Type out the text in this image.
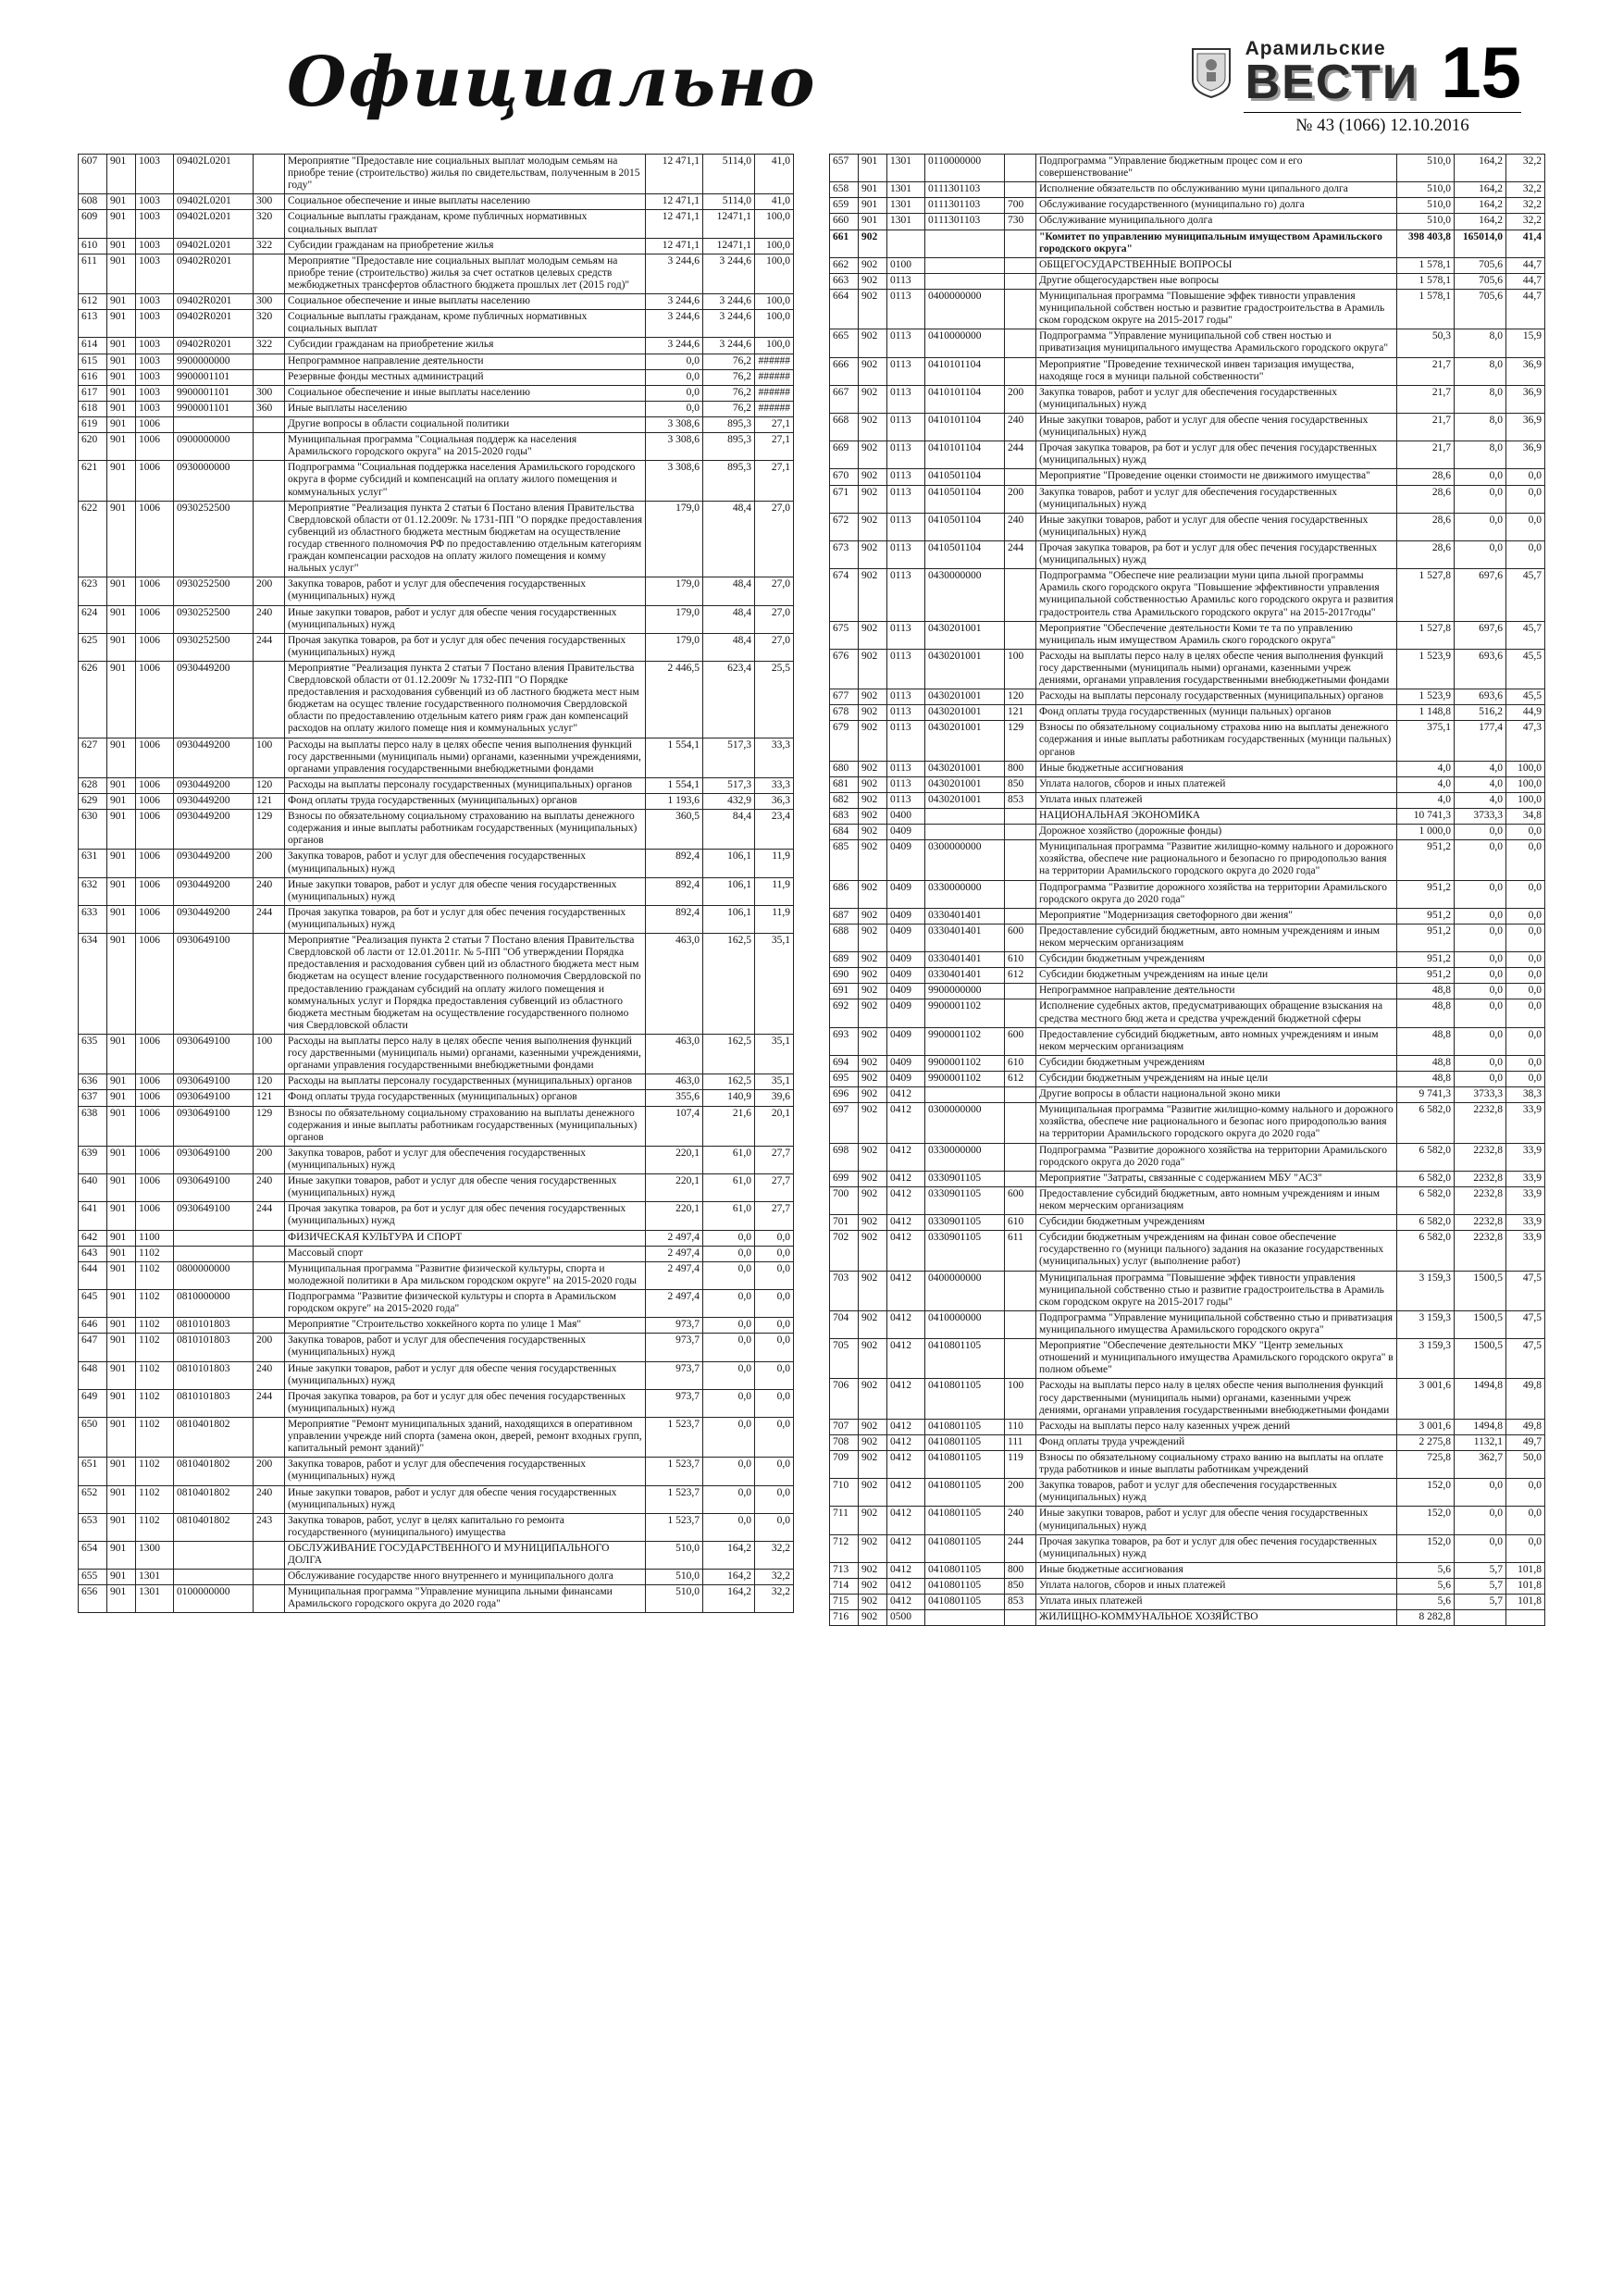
Официально	Арамильские
ВЕСТИ 15
№ 43 (1066) 12.10.2016
607	901	1003	09402L0201		Мероприятие "Предоставле ние социальных выплат молодым семьям на приобре тение (строительство) жилья по свидетельствам, полученным в 2015 году"	12 471,1	5114,0	41,0
608	901	1003	09402L0201	300	Социальное обеспечение и иные выплаты населению	12 471,1	5114,0	41,0
609	901	1003	09402L0201	320	Социальные выплаты гражданам, кроме публичных нормативных социальных выплат	12 471,1	12471,1	100,0
610	901	1003	09402L0201	322	Субсидии гражданам на приобретение жилья	12 471,1	12471,1	100,0
611	901	1003	09402R0201		Мероприятие "Предоставле ние социальных выплат молодым семьям на приобре тение (строительство) жилья за счет остатков целевых средств межбюджетных трансфертов областного бюджета прошлых лет (2015 год)"	3 244,6	3 244,6	100,0
612	901	1003	09402R0201	300	Социальное обеспечение и иные выплаты населению	3 244,6	3 244,6	100,0
613	901	1003	09402R0201	320	Социальные выплаты гражданам, кроме публичных нормативных социальных выплат	3 244,6	3 244,6	100,0
614	901	1003	09402R0201	322	Субсидии гражданам на приобретение жилья	3 244,6	3 244,6	100,0
615	901	1003	9900000000		Непрограммное направление деятельности	0,0	76,2	######
616	901	1003	9900001101		Резервные фонды местных администраций	0,0	76,2	######
617	901	1003	9900001101	300	Социальное обеспечение и иные выплаты населению	0,0	76,2	######
618	901	1003	9900001101	360	Иные выплаты населению	0,0	76,2	######
619	901	1006			Другие вопросы в области социальной политики	3 308,6	895,3	27,1
620	901	1006	0900000000		Муниципальная программа "Социальная поддерж ка населения Арамильского городского округа" на 2015-2020 годы"	3 308,6	895,3	27,1
621	901	1006	0930000000		Подпрограмма "Социальная поддержка населения Арамильского городского округа в форме субсидий и компенсаций на оплату жилого помещения и коммунальных услуг"	3 308,6	895,3	27,1
622	901	1006	0930252500		Мероприятие "Реализация пункта 2 статьи 6 Постано вления Правительства Свердловской области от 01.12.2009г. № 1731-ПП "О порядке предоставления субвенций из областного бюджета местным бюджетам на осуществление государ ственного полномочия РФ по предоставлению отдельным категориям граждан компенсации расходов на оплату жилого помещения и комму нальных услуг"	179,0	48,4	27,0
623	901	1006	0930252500	200	Закупка товаров, работ и услуг для обеспечения государственных (муниципальных) нужд	179,0	48,4	27,0
624	901	1006	0930252500	240	Иные закупки товаров, работ и услуг для обеспе чения государственных (муниципальных) нужд	179,0	48,4	27,0
625	901	1006	0930252500	244	Прочая закупка товаров, ра бот и услуг для обес печения государственных (муниципальных) нужд	179,0	48,4	27,0
626	901	1006	0930449200		Мероприятие "Реализация пункта 2 статьи 7 Постано вления Правительства Свердловской области от 01.12.2009г № 1732-ПП "О Порядке предоставления и расходования субвенций из об ластного бюджета мест ным бюджетам на осущес твление государственного полномочия Свердловской области по предоставлению отдельным катего риям граж дан компенсаций расходов на оплату жилого помеще ния и коммунальных услуг"	2 446,5	623,4	25,5
627	901	1006	0930449200	100	Расходы на выплаты персо налу в целях обеспе чения выполнения функций госу дарственными (муниципаль ными) органами, казенными учреждениями, органами управления государственными внебюджетными фондами	1 554,1	517,3	33,3
628	901	1006	0930449200	120	Расходы на выплаты персоналу государственных (муниципальных) органов	1 554,1	517,3	33,3
629	901	1006	0930449200	121	Фонд оплаты труда государственных (муниципальных) органов	1 193,6	432,9	36,3
630	901	1006	0930449200	129	Взносы по обязательному социальному страхованию на выплаты денежного содержания и иные выплаты работникам государственных (муниципальных) органов	360,5	84,4	23,4
631	901	1006	0930449200	200	Закупка товаров, работ и услуг для обеспечения государственных (муниципальных) нужд	892,4	106,1	11,9
632	901	1006	0930449200	240	Иные закупки товаров, работ и услуг для обеспе чения государственных (муниципальных) нужд	892,4	106,1	11,9
633	901	1006	0930449200	244	Прочая закупка товаров, ра бот и услуг для обес печения государственных (муниципальных) нужд	892,4	106,1	11,9
634	901	1006	0930649100		Мероприятие "Реализация пункта 2 статьи 7 Постано вления Правительства Свердловской об ласти от 12.01.2011г. № 5-ПП "Об утверждении Порядка предоставления и расходования субвен ций из областного бюджета мест ным бюджетам на осущест вление государственного полномочия Свердловской по предоставлению гражданам субсидий на оплату жилого помещения и коммунальных услуг и Порядка предоставления субвенций из областного бюджета местным бюджетам на осуществление государственного полномо чия Свердловской области	463,0	162,5	35,1
635	901	1006	0930649100	100	Расходы на выплаты персо налу в целях обеспе чения выполнения функций госу дарственными (муниципаль ными) органами, казенными учреждениями, органами управления государственными внебюджетными фондами	463,0	162,5	35,1
636	901	1006	0930649100	120	Расходы на выплаты персоналу государственных (муниципальных) органов	463,0	162,5	35,1
637	901	1006	0930649100	121	Фонд оплаты труда государственных (муниципальных) органов	355,6	140,9	39,6
638	901	1006	0930649100	129	Взносы по обязательному социальному страхованию на выплаты денежного содержания и иные выплаты работникам государственных (муниципальных) органов	107,4	21,6	20,1
639	901	1006	0930649100	200	Закупка товаров, работ и услуг для обеспечения государственных (муниципальных) нужд	220,1	61,0	27,7
640	901	1006	0930649100	240	Иные закупки товаров, работ и услуг для обеспе чения государственных (муниципальных) нужд	220,1	61,0	27,7
641	901	1006	0930649100	244	Прочая закупка товаров, ра бот и услуг для обес печения государственных (муниципальных) нужд	220,1	61,0	27,7
642	901	1100			ФИЗИЧЕСКАЯ КУЛЬТУРА И СПОРТ	2 497,4	0,0	0,0
643	901	1102			Массовый спорт	2 497,4	0,0	0,0
644	901	1102	0800000000		Муниципальная программа "Развитие физической культуры, спорта и молодежной политики в Ара мильском городском округе" на 2015-2020 годы	2 497,4	0,0	0,0
645	901	1102	0810000000		Подпрограмма "Развитие физической культуры и спорта в Арамильском городском округе" на 2015-2020 года"	2 497,4	0,0	0,0
646	901	1102	0810101803		Мероприятие "Строительство хоккейного корта по улице 1 Мая"	973,7	0,0	0,0
647	901	1102	0810101803	200	Закупка товаров, работ и услуг для обеспечения государственных (муниципальных) нужд	973,7	0,0	0,0
648	901	1102	0810101803	240	Иные закупки товаров, работ и услуг для обеспе чения государственных (муниципальных) нужд	973,7	0,0	0,0
649	901	1102	0810101803	244	Прочая закупка товаров, ра бот и услуг для обес печения государственных (муниципальных) нужд	973,7	0,0	0,0
650	901	1102	0810401802		Мероприятие "Ремонт муниципальных зданий, находящихся в оперативном управлении учрежде ний спорта (замена окон, дверей, ремонт входных групп, капитальный ремонт зданий)"	1 523,7	0,0	0,0
651	901	1102	0810401802	200	Закупка товаров, работ и услуг для обеспечения государственных (муниципальных) нужд	1 523,7	0,0	0,0
652	901	1102	0810401802	240	Иные закупки товаров, работ и услуг для обеспе чения государственных (муниципальных) нужд	1 523,7	0,0	0,0
653	901	1102	0810401802	243	Закупка товаров, работ, услуг в целях капитально го ремонта государственного (муниципального) имущества	1 523,7	0,0	0,0
654	901	1300			ОБСЛУЖИВАНИЕ ГОСУДАРСТВЕННОГО И МУНИЦИПАЛЬНОГО ДОЛГА	510,0	164,2	32,2
655	901	1301			Обслуживание государстве нного внутреннего и муниципального долга	510,0	164,2	32,2
656	901	1301	0100000000		Муниципальная программа "Управление муниципа льными финансами Арамильского городского округа до 2020 года"	510,0	164,2	32,2
657	901	1301	0110000000		Подпрограмма "Управление бюджетным процес сом и его совершенствование"	510,0	164,2	32,2
658	901	1301	0111301103		Исполнение обязательств по обслуживанию муни ципального долга	510,0	164,2	32,2
659	901	1301	0111301103	700	Обслуживание государственного (муниципально го) долга	510,0	164,2	32,2
660	901	1301	0111301103	730	Обслуживание муниципального долга	510,0	164,2	32,2
661	902				"Комитет по управлению муниципальным имуществом Арамильского городского округа"	398 403,8	165014,0	41,4
662	902	0100			ОБЩЕГОСУДАРСТВЕННЫЕ ВОПРОСЫ	1 578,1	705,6	44,7
663	902	0113			Другие общегосударствен ные вопросы	1 578,1	705,6	44,7
664	902	0113	0400000000		Муниципальная программа "Повышение эффек тивности управления муниципальной собствен ностью и развитие градостроительства в Арамиль ском городском округе на 2015-2017 годы"	1 578,1	705,6	44,7
665	902	0113	0410000000		Подпрограмма "Управление муниципальной соб ствен ностью и приватизация муниципального имущества Арамильского городского округа"	50,3	8,0	15,9
666	902	0113	0410101104		Мероприятие "Проведение технической инвен таризация имущества, находяще гося в муници пальной собственности"	21,7	8,0	36,9
667	902	0113	0410101104	200	Закупка товаров, работ и услуг для обеспечения государственных (муниципальных) нужд	21,7	8,0	36,9
668	902	0113	0410101104	240	Иные закупки товаров, работ и услуг для обеспе чения государственных (муниципальных) нужд	21,7	8,0	36,9
669	902	0113	0410101104	244	Прочая закупка товаров, ра бот и услуг для обес печения государственных (муниципальных) нужд	21,7	8,0	36,9
670	902	0113	0410501104		Мероприятие "Проведение оценки стоимости не движимого имущества"	28,6	0,0	0,0
671	902	0113	0410501104	200	Закупка товаров, работ и услуг для обеспечения государственных (муниципальных) нужд	28,6	0,0	0,0
672	902	0113	0410501104	240	Иные закупки товаров, работ и услуг для обеспе чения государственных (муниципальных) нужд	28,6	0,0	0,0
673	902	0113	0410501104	244	Прочая закупка товаров, ра бот и услуг для обес печения государственных (муниципальных) нужд	28,6	0,0	0,0
674	902	0113	0430000000		Подпрограмма "Обеспече ние реализации муни ципа льной программы Арамиль ского городского округа "Повышение эффективности управления муниципальной собственностью Арамильс кого городского округа и развития градостроитель ства Арамильского городского округа" на 2015-2017годы"	1 527,8	697,6	45,7
675	902	0113	0430201001		Мероприятие "Обеспечение деятельности Коми те та по управлению муниципаль ным имуществом Арамиль ского городского округа"	1 527,8	697,6	45,7
676	902	0113	0430201001	100	Расходы на выплаты персо налу в целях обеспе чения выполнения функций госу дарственными (муниципаль ными) органами, казенными учреж дениями, органами управления государственными внебюджетными фондами	1 523,9	693,6	45,5
677	902	0113	0430201001	120	Расходы на выплаты персоналу государственных (муниципальных) органов	1 523,9	693,6	45,5
678	902	0113	0430201001	121	Фонд оплаты труда государственных (муници пальных) органов	1 148,8	516,2	44,9
679	902	0113	0430201001	129	Взносы по обязательному социальному страхова нию на выплаты денежного содержания и иные выплаты работникам государственных (муници пальных) органов	375,1	177,4	47,3
680	902	0113	0430201001	800	Иные бюджетные ассигнования	4,0	4,0	100,0
681	902	0113	0430201001	850	Уплата налогов, сборов и иных платежей	4,0	4,0	100,0
682	902	0113	0430201001	853	Уплата иных платежей	4,0	4,0	100,0
683	902	0400			НАЦИОНАЛЬНАЯ ЭКОНОМИКА	10 741,3	3733,3	34,8
684	902	0409			Дорожное хозяйство (дорожные фонды)	1 000,0	0,0	0,0
685	902	0409	0300000000		Муниципальная программа "Развитие жилищно-комму нального и дорожного хозяйства, обеспече ние рационального и безопасно го природопользо вания на территории Арамильского городского округа до 2020 года"	951,2	0,0	0,0
686	902	0409	0330000000		Подпрограмма "Развитие дорожного хозяйства на территории Арамильского городского округа до 2020 года"	951,2	0,0	0,0
687	902	0409	0330401401		Мероприятие "Модернизация светофорного дви жения"	951,2	0,0	0,0
688	902	0409	0330401401	600	Предоставление субсидий бюджетным, авто номным учреждениям и иным неком мерческим организациям	951,2	0,0	0,0
689	902	0409	0330401401	610	Субсидии бюджетным учреждениям	951,2	0,0	0,0
690	902	0409	0330401401	612	Субсидии бюджетным учреждениям на иные цели	951,2	0,0	0,0
691	902	0409	9900000000		Непрограммное направление деятельности	48,8	0,0	0,0
692	902	0409	9900001102		Исполнение судебных актов, предусматривающих обращение взыскания на средства местного бюд жета и средства учреждений бюджетной сферы	48,8	0,0	0,0
693	902	0409	9900001102	600	Предоставление субсидий бюджетным, авто номных учреждениям и иным неком мерческим организациям	48,8	0,0	0,0
694	902	0409	9900001102	610	Субсидии бюджетным учреждениям	48,8	0,0	0,0
695	902	0409	9900001102	612	Субсидии бюджетным учреждениям на иные цели	48,8	0,0	0,0
696	902	0412			Другие вопросы в области национальной эконо мики	9 741,3	3733,3	38,3
697	902	0412	0300000000		Муниципальная программа "Развитие жилищно-комму нального и дорожного хозяйства, обеспече ние рационального и безопас ного природопользо вания на территории Арамильского городского округа до 2020 года"	6 582,0	2232,8	33,9
698	902	0412	0330000000		Подпрограмма "Развитие дорожного хозяйства на территории Арамильского городского округа до 2020 года"	6 582,0	2232,8	33,9
699	902	0412	0330901105		Мероприятие "Затраты, связанные с содержанием МБУ "АСЗ"	6 582,0	2232,8	33,9
700	902	0412	0330901105	600	Предоставление субсидий бюджетным, авто номным учреждениям и иным неком мерческим организациям	6 582,0	2232,8	33,9
701	902	0412	0330901105	610	Субсидии бюджетным учреждениям	6 582,0	2232,8	33,9
702	902	0412	0330901105	611	Субсидии бюджетным учреждениям на финан совое обеспечение государственно го (муници пального) задания на оказание государственных (муниципальных) услуг (выполнение работ)	6 582,0	2232,8	33,9
703	902	0412	0400000000		Муниципальная программа "Повышение эффек тивности управления муниципальной собственно стью и развитие градостроительства в Арамиль ском городском округе на 2015-2017 годы"	3 159,3	1500,5	47,5
704	902	0412	0410000000		Подпрограмма "Управление муниципальной собственно стью и приватизация муниципального имущества Арамильского городского округа"	3 159,3	1500,5	47,5
705	902	0412	0410801105		Мероприятие "Обеспечение деятельности МКУ "Центр земельных отношений и муниципального имущества Арамильского городского округа" в полном объеме"	3 159,3	1500,5	47,5
706	902	0412	0410801105	100	Расходы на выплаты персо налу в целях обеспе чения выполнения функций госу дарственными (муниципаль ными) органами, казенными учреж дениями, органами управления государственными внебюджетными фондами	3 001,6	1494,8	49,8
707	902	0412	0410801105	110	Расходы на выплаты персо налу казенных учреж дений	3 001,6	1494,8	49,8
708	902	0412	0410801105	111	Фонд оплаты труда учреждений	2 275,8	1132,1	49,7
709	902	0412	0410801105	119	Взносы по обязательному социальному страхо ванию на выплаты на оплате труда работников и иные выплаты работникам учреждений	725,8	362,7	50,0
710	902	0412	0410801105	200	Закупка товаров, работ и услуг для обеспечения государственных (муниципальных) нужд	152,0	0,0	0,0
711	902	0412	0410801105	240	Иные закупки товаров, работ и услуг для обеспе чения государственных (муниципальных) нужд	152,0	0,0	0,0
712	902	0412	0410801105	244	Прочая закупка товаров, ра бот и услуг для обес печения государственных (муниципальных) нужд	152,0	0,0	0,0
713	902	0412	0410801105	800	Иные бюджетные ассигнования	5,6	5,7	101,8
714	902	0412	0410801105	850	Уплата налогов, сборов и иных платежей	5,6	5,7	101,8
715	902	0412	0410801105	853	Уплата иных платежей	5,6	5,7	101,8
716	902	0500			ЖИЛИЩНО-КОММУНАЛЬНОЕ ХОЗЯЙСТВО	8 282,8		
